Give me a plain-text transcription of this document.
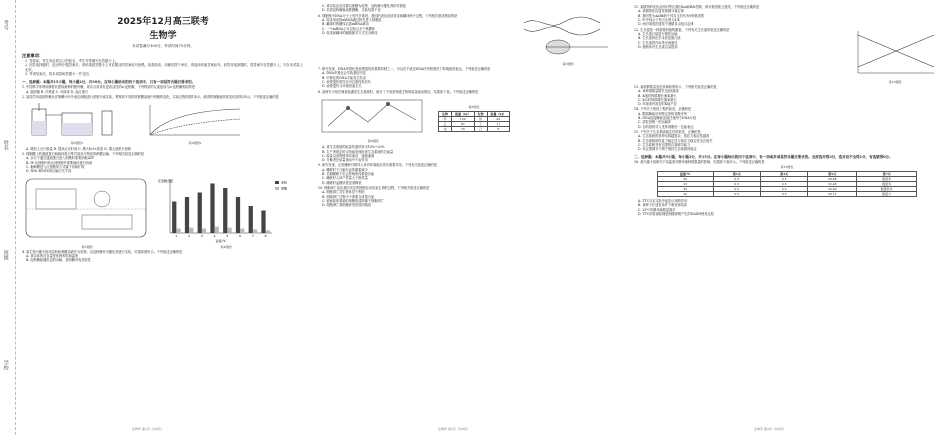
考号
姓名
班级
学校
2025年12月高三联考
生物学
本试卷满分100分，考试时间75分钟。
注意事项：
1. 答卷前，考生务必将自己的姓名、考生号等填写在答题卡上。
2. 回答选择题时，选出每小题答案后，用铅笔把答题卡上对应题目的答案标号涂黑。如需改动，用橡皮擦干净后，再选涂其他答案标号。回答非选择题时，将答案写在答题卡上，写在本试卷上无效。
3. 考试结束后，将本试卷和答题卡一并交回。
一、选择题：本题共15小题，每小题2分，共30分。在每小题给出的四个选项中，只有一项是符合题目要求的。

1. 中国科学家利用酶替代提取菌种的胞内酶，成功合成具有更高活性的α-淀粉酶，下列物质的元素组成与α-淀粉酶相同的是

A. 脂肪酸 B. 纤维素 C. 叶绿体 D. 血红蛋白

2. 某同学用成熟的紫色洋葱鳞片叶外表皮细胞进行质壁分离实验，观察到不同浓度蔗糖溶液中细胞的变化，实验过程如图1所示。测得的细胞液浓度变化如图2所示。下列叙述正确的是

第2题图1	第2题图2

A. 增加土豆片数量 B. 提高反应时间 C. 增大H₂O₂浓度 D. 增大滤纸片面积

3. 细胞膜上的通道蛋白和载体蛋白等共同参与物质的跨膜运输，下列相关叙述正确的是

A. 水分子通过通道蛋白进入细胞时需要消耗ATP

B. H⁺从细胞内转运到细胞外需要载体蛋白协助

C. 葡萄糖进入红细胞的方式属于协助扩散

D. NH₄⁺和NH₃的运输方式不同

第3题图
1	2	3	4	5	6	7	8
温度/℃
还原糖含量	淀粉
蔗糖
第4题图

4. 某生物兴趣小组用淀粉和蔗糖溶液作为底物，以淀粉酶作为催化剂进行实验，结果如图所示。下列叙述正确的是

A. 该实验的自变量是底物种类和温度

B. 淀粉酶能催化淀粉水解，说明酶具有高效性

生物学 第1页（共8页）

C. 该实验还应设置以蔗糖为底物、淀粉酶为催化剂的对照组

D. 若将淀粉酶换成蔗糖酶，实验结果不变

6. 细胞核中DNA分子上有许多基因，基因的表达包括转录和翻译两个过程，下列相关叙述错误的是

A. 转录形成的mRNA通过核孔进入细胞质

B. 翻译时核糖体沿着mRNA移动

C. 一个mRNA上可以结合多个核糖体

D. 转录和翻译的碱基配对方式完全相同

第6题图

7. 研究发现，DNA甲基化是表观遗传的重要机制之一，可以在不改变DNA序列的情况下影响基因表达，下列叙述正确的是

A. DNA甲基化会导致基因突变

B. 甲基化的DNA不能发生转录

C. 表观遗传的性状可以遗传给后代

D. 表观遗传与环境因素无关

8. 某研究小组在调查某湖泊生态系统时，统计了不同营养级生物的能量流动情况，结果如下表。下列叙述正确的是

第8题图
第8题表
生物	能量（kJ）	生物	能量（kJ）
甲	100	丙	45
乙	62	丁	11
戊	79	己	8

A. 该生态系统的能量传递效率为10%~20%

B. 生产者固定的太阳能是流经该生态系统的总能量

C. 能量沿食物链单向流动、逐级递减

D. 分解者在能量流动中不起作用

9. 研究发现，正常睡眠对维持人体内环境稳态具有重要作用，下列有关叙述正确的是

A. 睡眠时下丘脑分泌的激素减少

B. 长期睡眠不足会影响免疫系统功能

C. 睡眠时人体产热量大于散热量

D. 睡眠时血糖浓度显著降低

10. 细胞凋亡是由基因决定的细胞自动结束生命的过程，下列相关叙述正确的是

A. 细胞凋亡对生物体是不利的

B. 细胞凋亡过程中不需要合成蛋白质

C. 被病原体感染的细胞的清除属于细胞凋亡

D. 细胞凋亡和细胞坏死的原因相同

生物学 第2页（共8页）

11. 某植物的花色由两对等位基因A/a和B/b控制，两对基因独立遗传，下列叙述正确的是

A. 该植物花色遗传遵循分离定律

B. 基因型为AaBb的个体自交后代有9种基因型

C. F₂中纯合子所占比例为1/4

D. 两对基因的遗传不遵循自由组合定律

12. 生长素是一种重要的植物激素，下列有关生长素的叙述正确的是

A. 生长素只能进行极性运输

B. 生长素的化学本质是蛋白质

C. 生长素的作用具有两重性

D. 植物体内生长素含量很高

第12题图

13. 某种群数量变化规律如图所示，下列相关叙述正确的是

A. 该种群数量增长呈J形曲线

B. K值时种群增长速率最大

C. K/2时种群增长速率最大

D. 环境条件改变时K值不变

14. 下列关于基因工程的叙述，正确的是

A. 限制酶能识别特定的核苷酸序列

B. DNA连接酶能连接任意两个DNA片段

C. 质粒是唯一的运载体

D. 目的基因导入受体细胞后一定能表达

15. 下列关于生态系统稳定性的叙述，正确的是

A. 生态系统的营养结构越复杂，抵抗力稳定性越高

B. 生态系统的恢复力稳定性与抵抗力稳定性呈正相关

C. 生态系统具有无限的自我调节能力

D. 负反馈调节不利于维持生态系统的稳定

二、选择题：本题共5小题，每小题3分，共15分。在每小题给出的四个选项中，有一项或多项是符合题目要求的。全部选对得3分，选对但不全得1分，有选错得0分。

16. 某兴趣小组研究不同温度对酵母菌种群数量的影响，结果如下表所示。下列叙述正确的是

第16题表
温度/℃	第1天	第3天	第5天	第7天
20	0.5	0.5	30.88	数量多
25	0.5	0.5	32.48	数量多
30	0.5	0.5	35.60	数量较多
35	0.5	0.5	28.12	数量少

A. TTC在本实验中起指示剂的作用

B. 该种子在适宜条件下萌发率较高

C. 25℃时酵母菌数量最多

D. TTC的检测原理是细胞呼吸产生的NADH使其还原

生物学 第3页（共8页）
